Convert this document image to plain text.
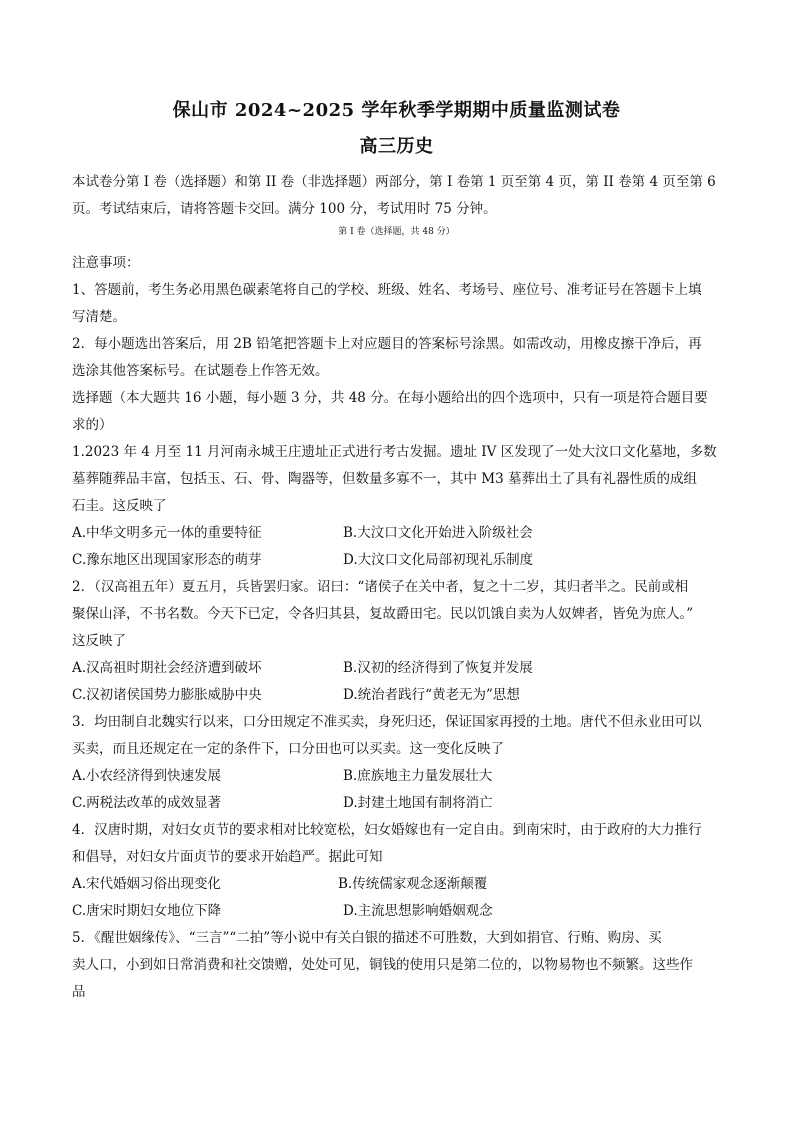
保山市 2024~2025 学年秋季学期期中质量监测试卷
高三历史
本试卷分第 I 卷（选择题）和第 II 卷（非选择题）两部分，第 I 卷第 1 页至第 4 页，第 II 卷第 4 页至第 6
页。考试结束后，请将答题卡交回。满分 100 分，考试用时 75 分钟。
第 I 卷（选择题，共 48 分）
注意事项：
1、答题前，考生务必用黑色碳素笔将自己的学校、班级、姓名、考场号、座位号、准考证号在答题卡上填
写清楚。
2．每小题选出答案后，用 2B 铅笔把答题卡上对应题目的答案标号涂黑。如需改动，用橡皮擦干净后，再
选涂其他答案标号。在试题卷上作答无效。
选择题（本大题共 16 小题，每小题 3 分，共 48 分。在每小题给出的四个选项中，只有一项是符合题目要
求的）
1.2023 年 4 月至 11 月河南永城王庄遗址正式进行考古发掘。遗址 IV 区发现了一处大汶口文化墓地，多数
墓葬随葬品丰富，包括玉、石、骨、陶器等，但数量多寡不一，其中 M3 墓葬出土了具有礼器性质的成组
石圭。这反映了
A.中华文明多元一体的重要特征	B.大汶口文化开始进入阶级社会
C.豫东地区出现国家形态的萌芽	D.大汶口文化局部初现礼乐制度
2．（汉高祖五年）夏五月，兵皆罢归家。诏曰：“诸侯子在关中者，复之十二岁，其归者半之。民前或相
聚保山泽，不书名数。今天下已定，令各归其县，复故爵田宅。民以饥饿自卖为人奴婢者，皆免为庶人。”
这反映了
A.汉高祖时期社会经济遭到破坏	B.汉初的经济得到了恢复并发展
C.汉初诸侯国势力膨胀威胁中央	D.统治者践行“黄老无为”思想
3．均田制自北魏实行以来，口分田规定不准买卖，身死归还，保证国家再授的土地。唐代不但永业田可以
买卖，而且还规定在一定的条件下，口分田也可以买卖。这一变化反映了
A.小农经济得到快速发展	B.庶族地主力量发展壮大
C.两税法改革的成效显著	D.封建土地国有制将消亡
4．汉唐时期，对妇女贞节的要求相对比较宽松，妇女婚嫁也有一定自由。到南宋时，由于政府的大力推行
和倡导，对妇女片面贞节的要求开始趋严。据此可知
A.宋代婚姻习俗出现变化	B.传统儒家观念逐渐颠覆
C.唐宋时期妇女地位下降	D.主流思想影响婚姻观念
5．《醒世姻缘传》、“三言”“二拍”等小说中有关白银的描述不可胜数，大到如捐官、行贿、购房、买
卖人口，小到如日常消费和社交馈赠，处处可见，铜钱的使用只是第二位的，以物易物也不频繁。这些作
品
